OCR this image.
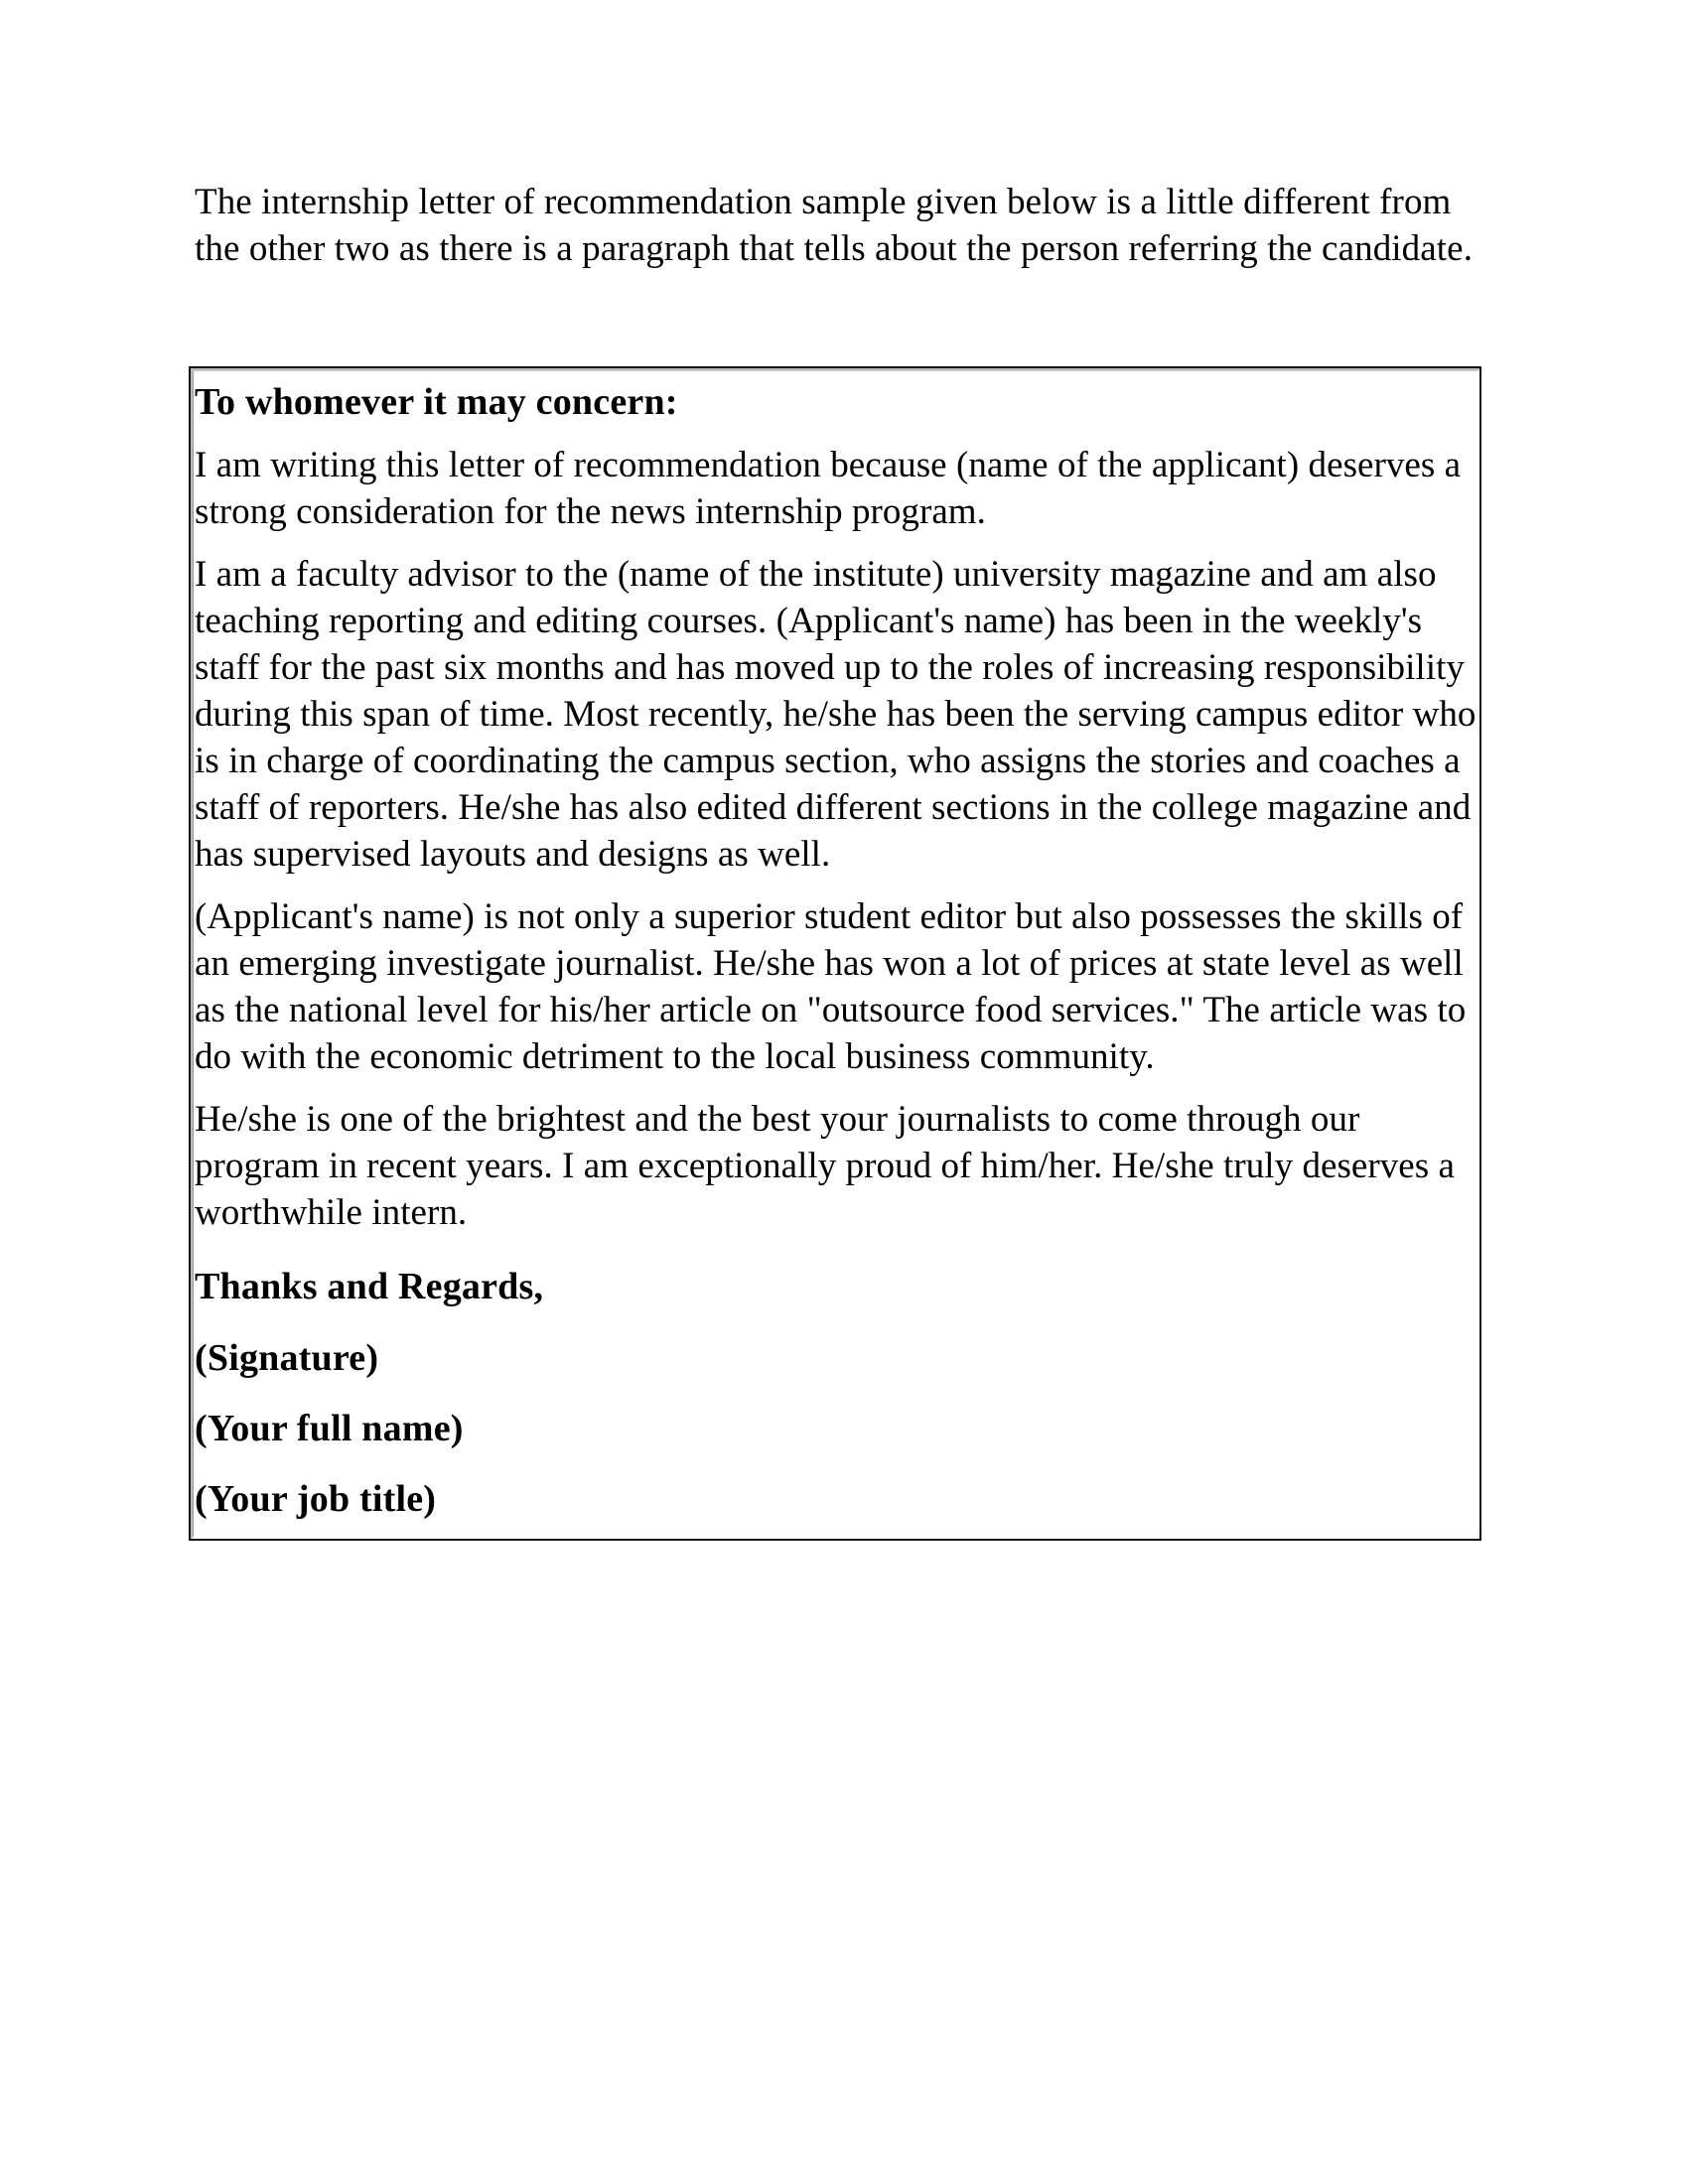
The internship letter of recommendation sample given below is a little different from the other two as there is a paragraph that tells about the person referring the candidate.

To whomever it may concern:

I am writing this letter of recommendation because (name of the applicant) deserves a strong consideration for the news internship program.

I am a faculty advisor to the (name of the institute) university magazine and am also teaching reporting and editing courses. (Applicant's name) has been in the weekly's staff for the past six months and has moved up to the roles of increasing responsibility during this span of time. Most recently, he/she has been the serving campus editor who is in charge of coordinating the campus section, who assigns the stories and coaches a staff of reporters. He/she has also edited different sections in the college magazine and has supervised layouts and designs as well.

(Applicant's name) is not only a superior student editor but also possesses the skills of an emerging investigate journalist. He/she has won a lot of prices at state level as well as the national level for his/her article on "outsource food services." The article was to do with the economic detriment to the local business community.

He/she is one of the brightest and the best your journalists to come through our program in recent years. I am exceptionally proud of him/her. He/she truly deserves a worthwhile intern.

Thanks and Regards,

(Signature)

(Your full name)

(Your job title)
